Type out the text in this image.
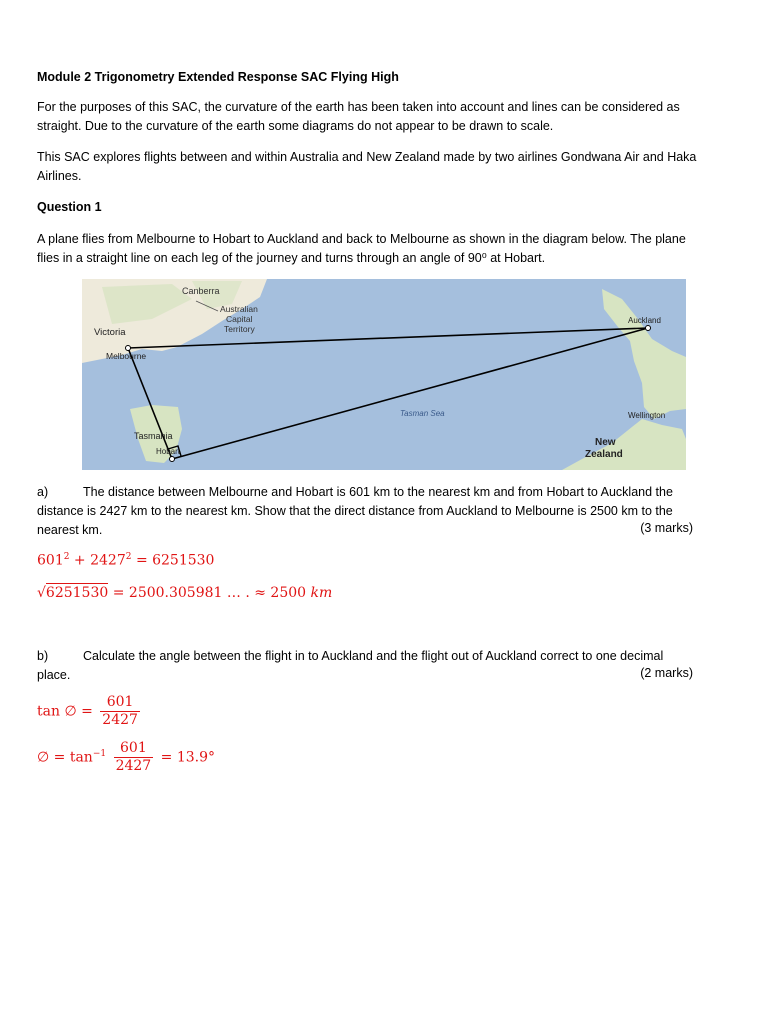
Module 2 Trigonometry Extended Response SAC Flying High
For the purposes of this SAC, the curvature of the earth has been taken into account and lines can be considered as
straight. Due to the curvature of the earth some diagrams do not appear to be drawn to scale.
This SAC explores flights between and within Australia and New Zealand made by two airlines Gondwana Air and Haka
Airlines.
Question 1
A plane flies from Melbourne to Hobart to Auckland and back to Melbourne as shown in the diagram below. The plane
flies in a straight line on each leg of the journey and turns through an angle of 90⁰ at Hobart.
Canberra
Australian
Capital
Territory
Victoria
Melbourne
Tasmania
Hobart
Tasman Sea
Auckland
Wellington
New
Zealand
a)	The distance between Melbourne and Hobart is 601 km to the nearest km and from Hobart to Auckland the
distance is 2427 km to the nearest km. Show that the direct distance from Auckland to Melbourne is 2500 km to the
nearest km.	(3 marks)
$601^2 + 2427^2 = 6251530$
√6251530 = 2500.305981 … . ≈ 2500 km
b)	Calculate the angle between the flight in to Auckland and the flight out of Auckland correct to one decimal
place.	(2 marks)
tan ∅ = $\frac{601}{2427}$
∅ = $\tan^{-1} \frac{601}{2427} = 13.9^\circ$
